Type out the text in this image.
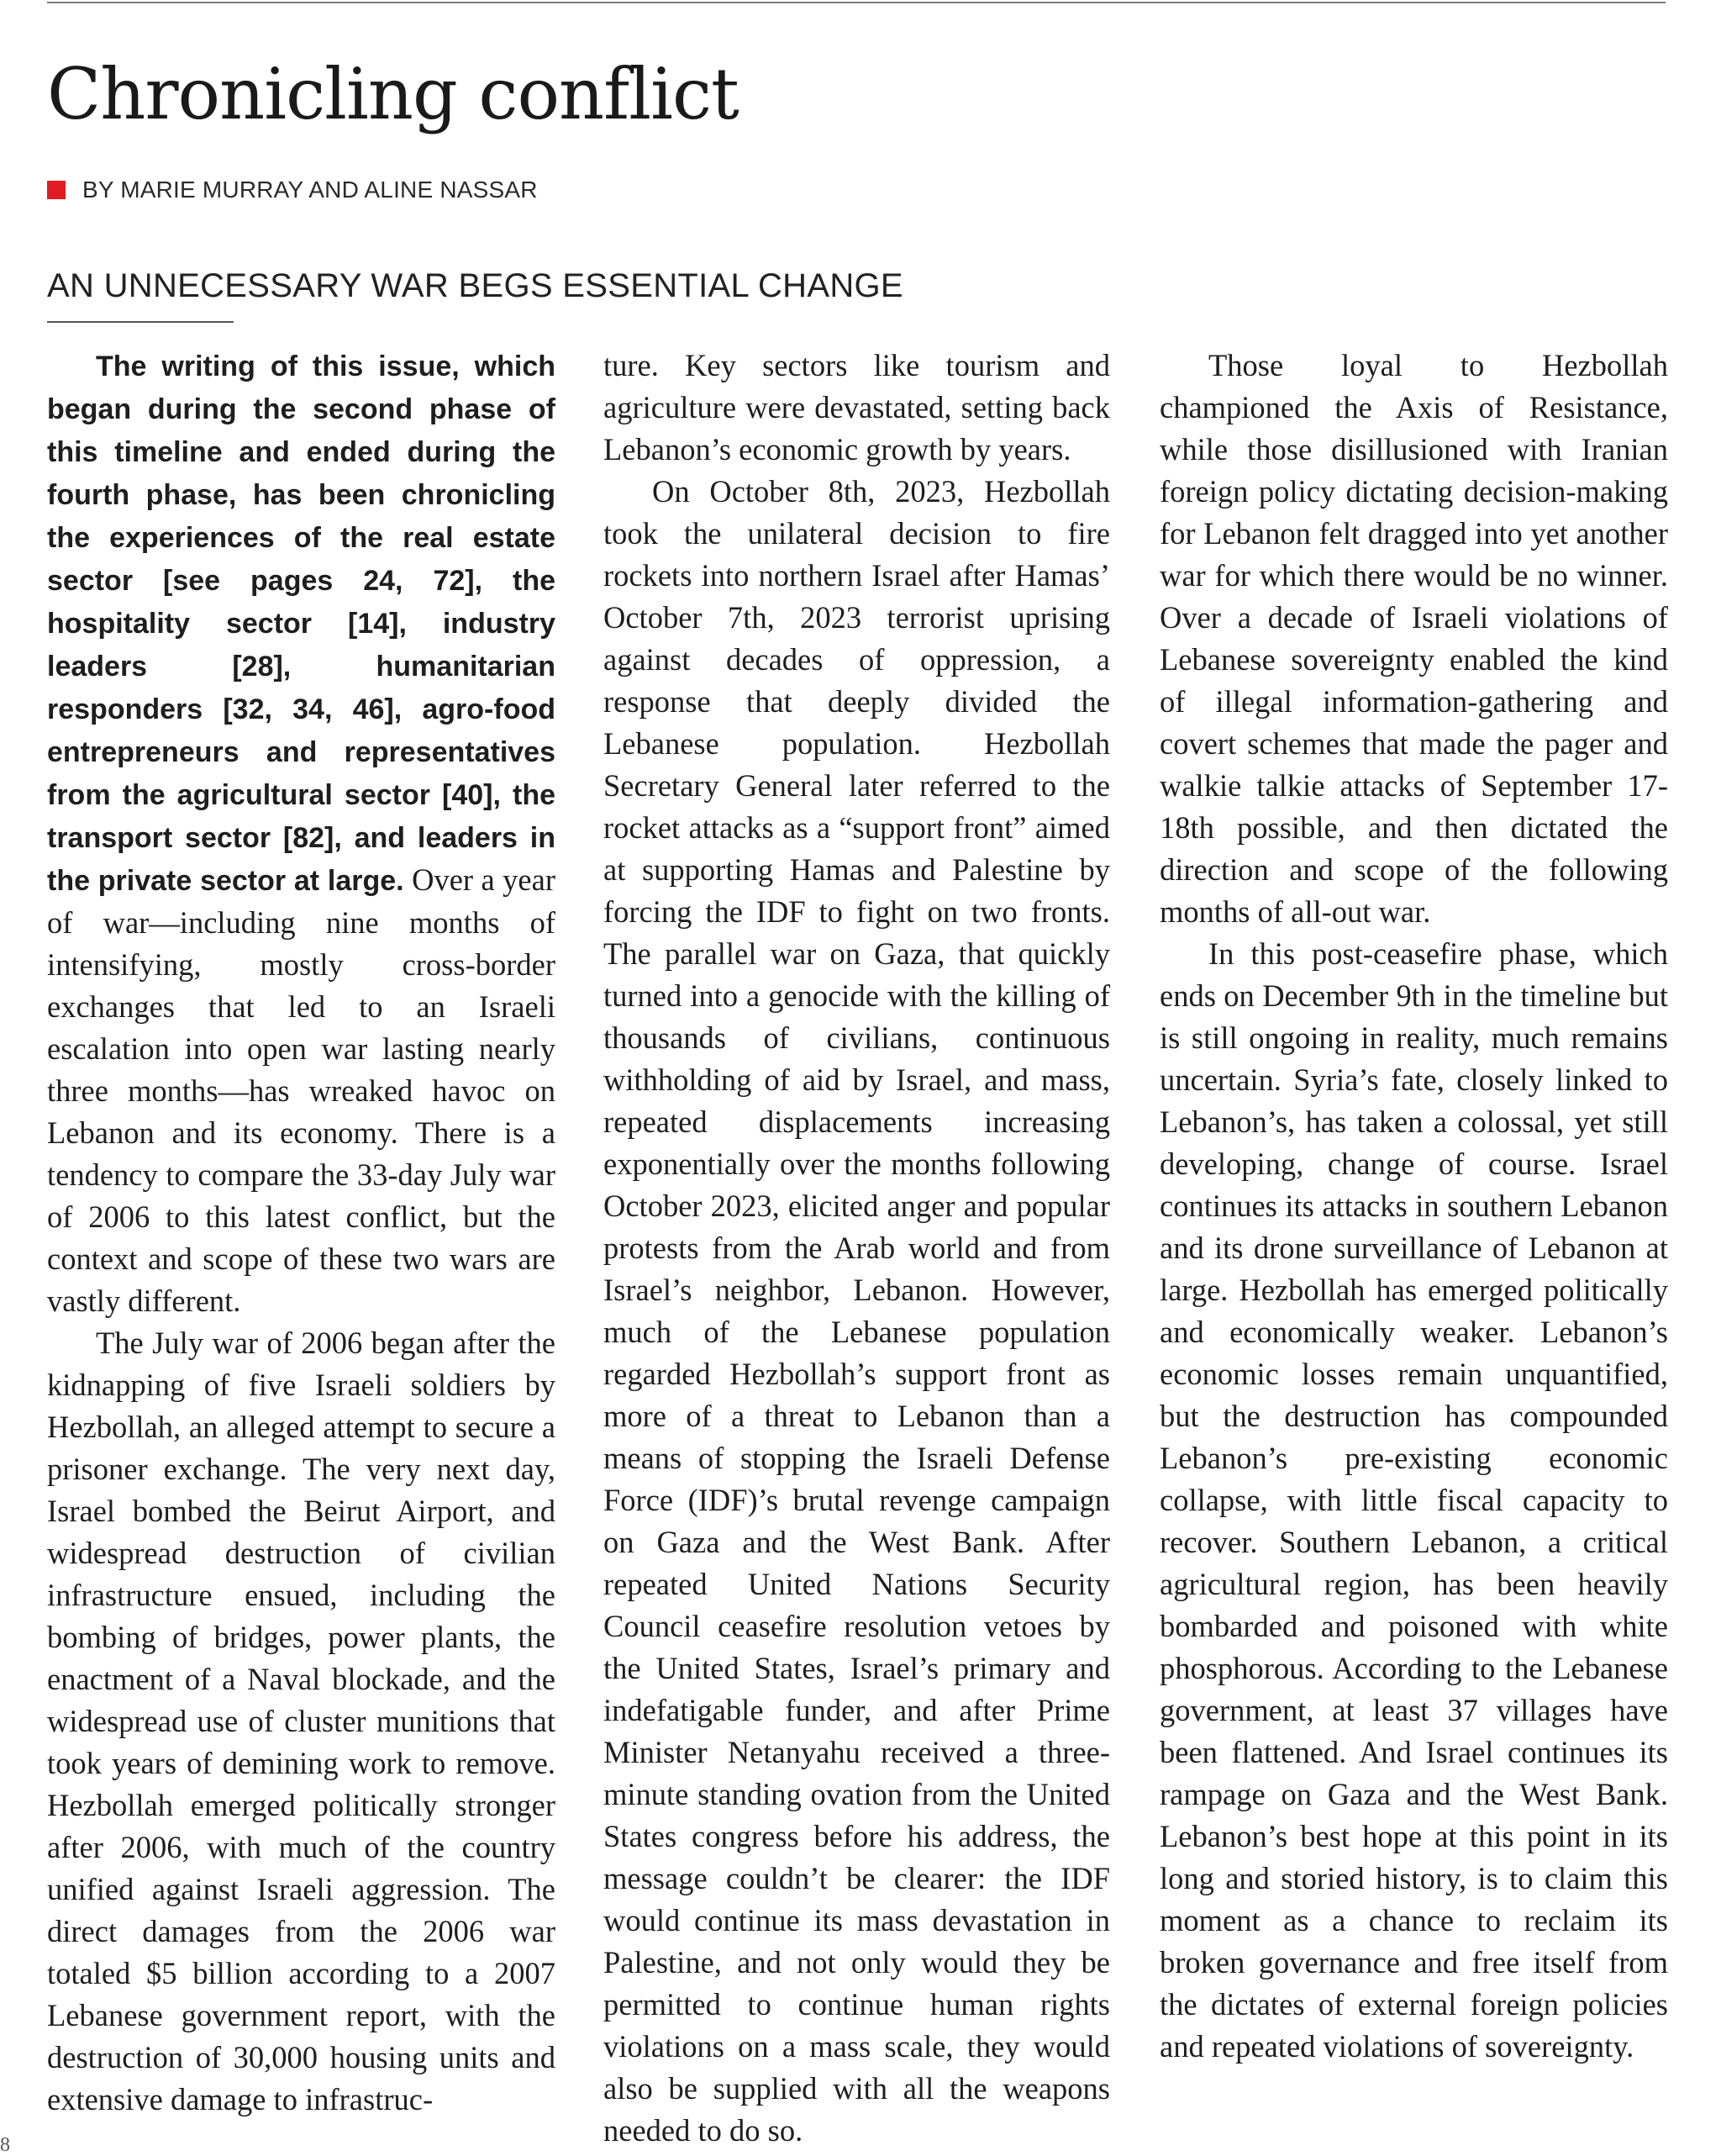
Chronicling conflict
BY MARIE MURRAY AND ALINE NASSAR
AN UNNECESSARY WAR BEGS ESSENTIAL CHANGE

The writing of this issue, which began during the second phase of this timeline and ended during the fourth phase, has been chronicling the experiences of the real estate sector [see pages 24, 72], the hospitality sector [14], industry leaders [28], humanitarian responders [32, 34, 46], agro-food entrepreneurs and representatives from the agricultural sector [40], the transport sector [82], and leaders in the private sector at large. Over a year of war—including nine months of intensifying, mostly cross-border exchanges that led to an Israeli escalation into open war lasting nearly three months—has wreaked havoc on Lebanon and its economy. There is a tendency to compare the 33-day July war of 2006 to this latest conflict, but the context and scope of these two wars are vastly different.

The July war of 2006 began after the kidnapping of five Israeli soldiers by Hezbollah, an alleged attempt to secure a prisoner exchange. The very next day, Israel bombed the Beirut Airport, and widespread destruction of civilian infrastructure ensued, including the bombing of bridges, power plants, the enactment of a Naval blockade, and the widespread use of cluster munitions that took years of demining work to remove. Hezbollah emerged politically stronger after 2006, with much of the country unified against Israeli aggression. The direct damages from the 2006 war totaled $5 billion according to a 2007 Lebanese government report, with the destruction of 30,000 housing units and extensive damage to infrastruc-

ture. Key sectors like tourism and agriculture were devastated, setting back Lebanon’s economic growth by years.

On October 8th, 2023, Hezbollah took the unilateral decision to fire rockets into northern Israel after Hamas’ October 7th, 2023 terrorist uprising against decades of oppression, a response that deeply divided the Lebanese population. Hezbollah Secretary General later referred to the rocket attacks as a “support front” aimed at supporting Hamas and Palestine by forcing the IDF to fight on two fronts. The parallel war on Gaza, that quickly turned into a genocide with the killing of thousands of civilians, continuous withholding of aid by Israel, and mass, repeated displacements increasing exponentially over the months following October 2023, elicited anger and popular protests from the Arab world and from Israel’s neighbor, Lebanon. However, much of the Lebanese population regarded Hezbollah’s support front as more of a threat to Lebanon than a means of stopping the Israeli Defense Force (IDF)’s brutal revenge campaign on Gaza and the West Bank. After repeated United Nations Security Council ceasefire resolution vetoes by the United States, Israel’s primary and indefatigable funder, and after Prime Minister Netanyahu received a three-minute standing ovation from the United States congress before his address, the message couldn’t be clearer: the IDF would continue its mass devastation in Palestine, and not only would they be permitted to continue human rights violations on a mass scale, they would also be supplied with all the weapons needed to do so.

Those loyal to Hezbollah championed the Axis of Resistance, while those disillusioned with Iranian foreign policy dictating decision-making for Lebanon felt dragged into yet another war for which there would be no winner. Over a decade of Israeli violations of Lebanese sovereignty enabled the kind of illegal information-gathering and covert schemes that made the pager and walkie talkie attacks of September 17-18th possible, and then dictated the direction and scope of the following months of all-out war.

In this post-ceasefire phase, which ends on December 9th in the timeline but is still ongoing in reality, much remains uncertain. Syria’s fate, closely linked to Lebanon’s, has taken a colossal, yet still developing, change of course. Israel continues its attacks in southern Lebanon and its drone surveillance of Lebanon at large. Hezbollah has emerged politically and economically weaker. Lebanon’s economic losses remain unquantified, but the destruction has compounded Lebanon’s pre-existing economic collapse, with little fiscal capacity to recover. Southern Lebanon, a critical agricultural region, has been heavily bombarded and poisoned with white phosphorous. According to the Lebanese government, at least 37 villages have been flattened. And Israel continues its rampage on Gaza and the West Bank. Lebanon’s best hope at this point in its long and storied history, is to claim this moment as a chance to reclaim its broken governance and free itself from the dictates of external foreign policies and repeated violations of sovereignty.

8
